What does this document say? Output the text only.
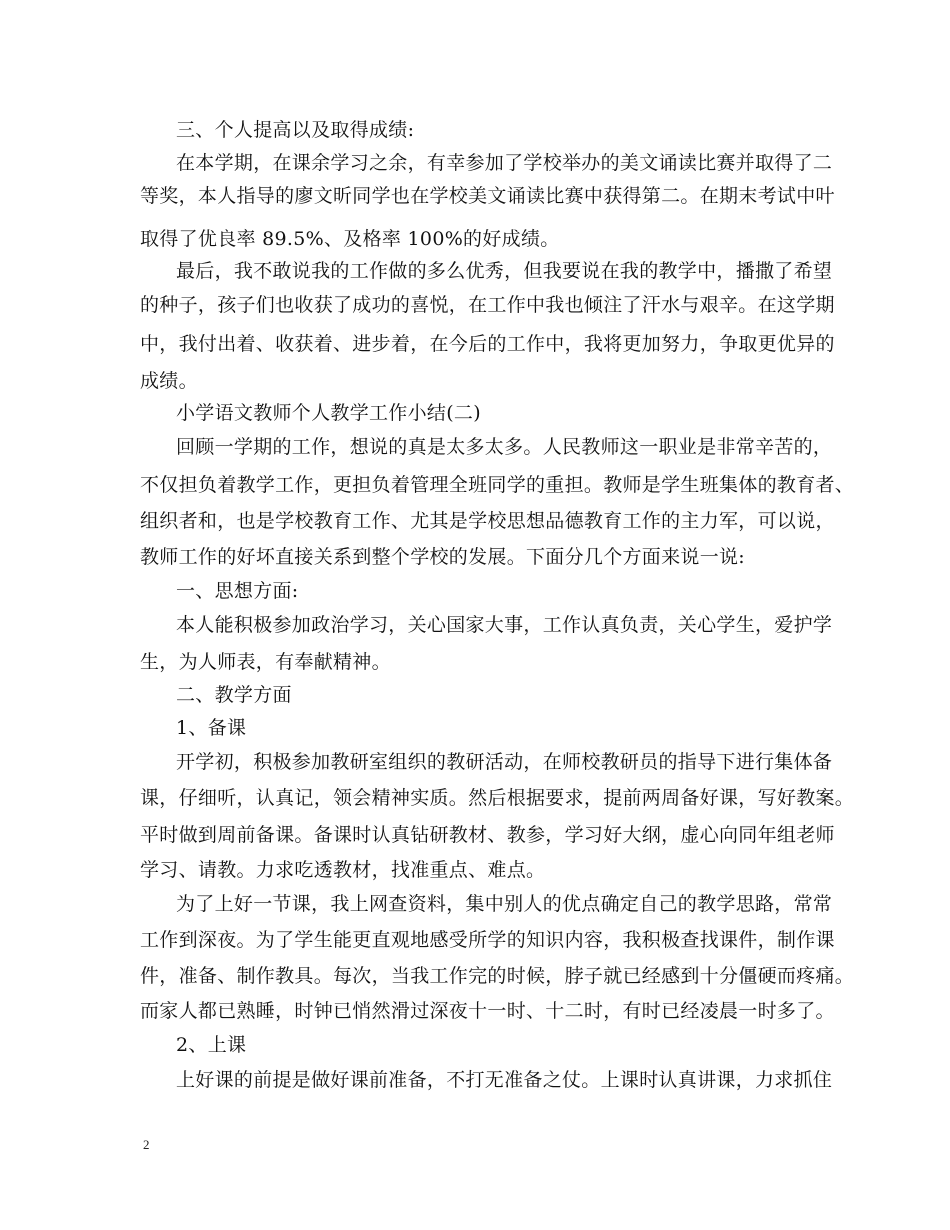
三、个人提高以及取得成绩:
在本学期，在课余学习之余，有幸参加了学校举办的美文诵读比赛并取得了二
等奖，本人指导的廖文昕同学也在学校美文诵读比赛中获得第二。在期末考试中叶
取得了优良率 89.5%、及格率 100%的好成绩。
最后，我不敢说我的工作做的多么优秀，但我要说在我的教学中，播撒了希望
的种子，孩子们也收获了成功的喜悦，在工作中我也倾注了汗水与艰辛。在这学期
中，我付出着、收获着、进步着，在今后的工作中，我将更加努力，争取更优异的
成绩。
小学语文教师个人教学工作小结(二)
回顾一学期的工作，想说的真是太多太多。人民教师这一职业是非常辛苦的，
不仅担负着教学工作，更担负着管理全班同学的重担。教师是学生班集体的教育者、
组织者和，也是学校教育工作、尤其是学校思想品德教育工作的主力军，可以说，
教师工作的好坏直接关系到整个学校的发展。下面分几个方面来说一说:
一、思想方面:
本人能积极参加政治学习，关心国家大事，工作认真负责，关心学生，爱护学
生，为人师表，有奉献精神。
二、教学方面
1、备课
开学初，积极参加教研室组织的教研活动，在师校教研员的指导下进行集体备
课，仔细听，认真记，领会精神实质。然后根据要求，提前两周备好课，写好教案。
平时做到周前备课。备课时认真钻研教材、教参，学习好大纲，虚心向同年组老师
学习、请教。力求吃透教材，找准重点、难点。
为了上好一节课，我上网查资料，集中别人的优点确定自己的教学思路，常常
工作到深夜。为了学生能更直观地感受所学的知识内容，我积极查找课件，制作课
件，准备、制作教具。每次，当我工作完的时候，脖子就已经感到十分僵硬而疼痛。
而家人都已熟睡，时钟已悄然滑过深夜十一时、十二时，有时已经凌晨一时多了。
2、上课
上好课的前提是做好课前准备，不打无准备之仗。上课时认真讲课，力求抓住
2
